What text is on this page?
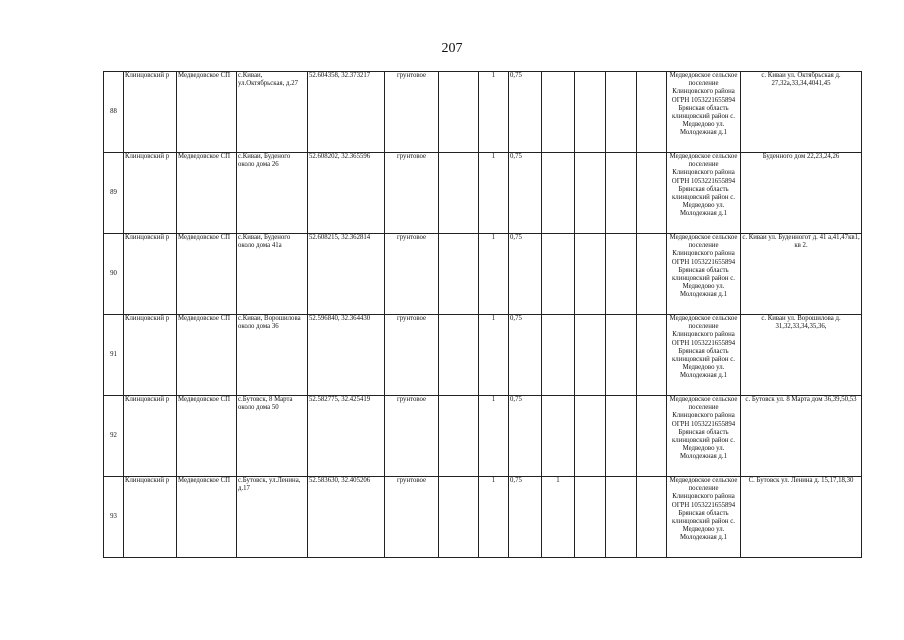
207
88	Клинцовский р	Медведовское СП	с.Киваи, ул.Октябрьская, д.27	52.604358, 32.373217	грунтовое		1	0,75					Медведовское сельское поселение Клинцовского района ОГРН 1053221655894 Брянская область клинцовский район с. Медведово ул. Молодежная д.1	с. Киваи ул. Октябрьская д. 27,32а,33,34,4041,45

89	Клинцовский р	Медведовское СП	с.Киваи, Буденого около дома 26	52.608202, 32.365596	грунтовое		1	0,75					Медведовское сельское поселение Клинцовского района ОГРН 1053221655894 Брянская область клинцовский район с. Медведово ул. Молодежная д.1	Буденного дом 22,23,24,26

90	Клинцовский р	Медведовское СП	с.Киваи, Буденого около дома 41а	52.608215, 32.362814	грунтовое		1	0,75					Медведовское сельское поселение Клинцовского района ОГРН 1053221655894 Брянская область клинцовский район с. Медведово ул. Молодежная д.1	с. Киваи ул. Буденногот д. 41 а,41,47кв1, кв 2.

91	Клинцовский р	Медведовское СП	с.Киваи, Ворошилова около дома 36	52.596840, 32.364430	грунтовое		1	0,75					Медведовское сельское поселение Клинцовского района ОГРН 1053221655894 Брянская область клинцовский район с. Медведово ул. Молодежная д.1	с. Киваи ул. Ворошилова д. 31,32,33,34,35,36,

92	Клинцовский р	Медведовское СП	с.Бутовск, 8 Марта около дома 50	52.582775, 32.425419	грунтовое		1	0,75					Медведовское сельское поселение Клинцовского района ОГРН 1053221655894 Брянская область клинцовский район с. Медведово ул. Молодежная д.1	с. Бутовск ул. 8 Марта дом 36,39,50,53

93	Клинцовский р	Медведовское СП	с.Бутовск, ул.Ленина, д.17	52.583630, 32.405206	грунтовое		1	0,75	1				Медведовское сельское поселение Клинцовского района ОГРН 1053221655894 Брянская область клинцовский район с. Медведово ул. Молодежная д.1	С. Бутовск ул. Ленина д. 15,17,18,30
